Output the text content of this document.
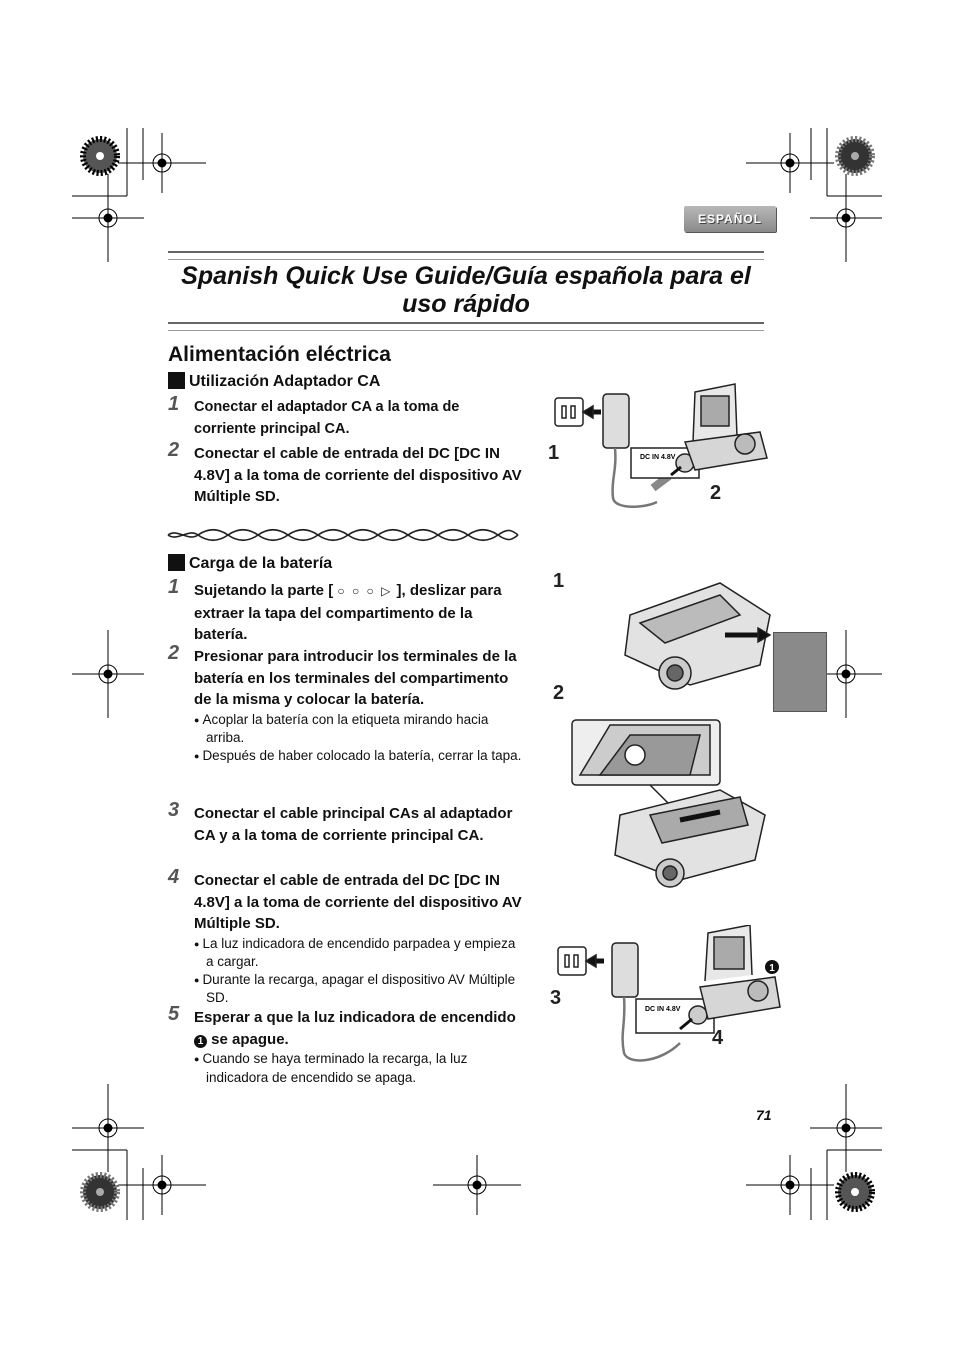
ESPAÑOL
Spanish Quick Use Guide/Guía española para el uso rápido
Alimentación eléctrica
Utilización Adaptador CA
1 Conectar el adaptador CA a la toma de corriente principal CA.
2 Conectar el cable de entrada del DC [DC IN 4.8V] a la toma de corriente del dispositivo AV Múltiple SD.
Carga de la batería
1 Sujetando la parte [ ○ ○ ○ ▷ ], deslizar para extraer la tapa del compartimento de la batería.
2 Presionar para introducir los terminales de la batería en los terminales del compartimento de la misma y colocar la batería.
● Acoplar la batería con la etiqueta mirando hacia arriba.
● Después de haber colocado la batería, cerrar la tapa.
3 Conectar el cable principal CAs al adaptador CA y a la toma de corriente principal CA.
4 Conectar el cable de entrada del DC [DC IN 4.8V] a la toma de corriente del dispositivo AV Múltiple SD.
● La luz indicadora de encendido parpadea y empieza a cargar.
● Durante la recarga, apagar el dispositivo AV Múltiple SD.
5 Esperar a que la luz indicadora de encendido 1 se apague.
● Cuando se haya terminado la recarga, la luz indicadora de encendido se apaga.
DC IN 4.8V
1
2
1
2
1
DC IN 4.8V
3
4
71
